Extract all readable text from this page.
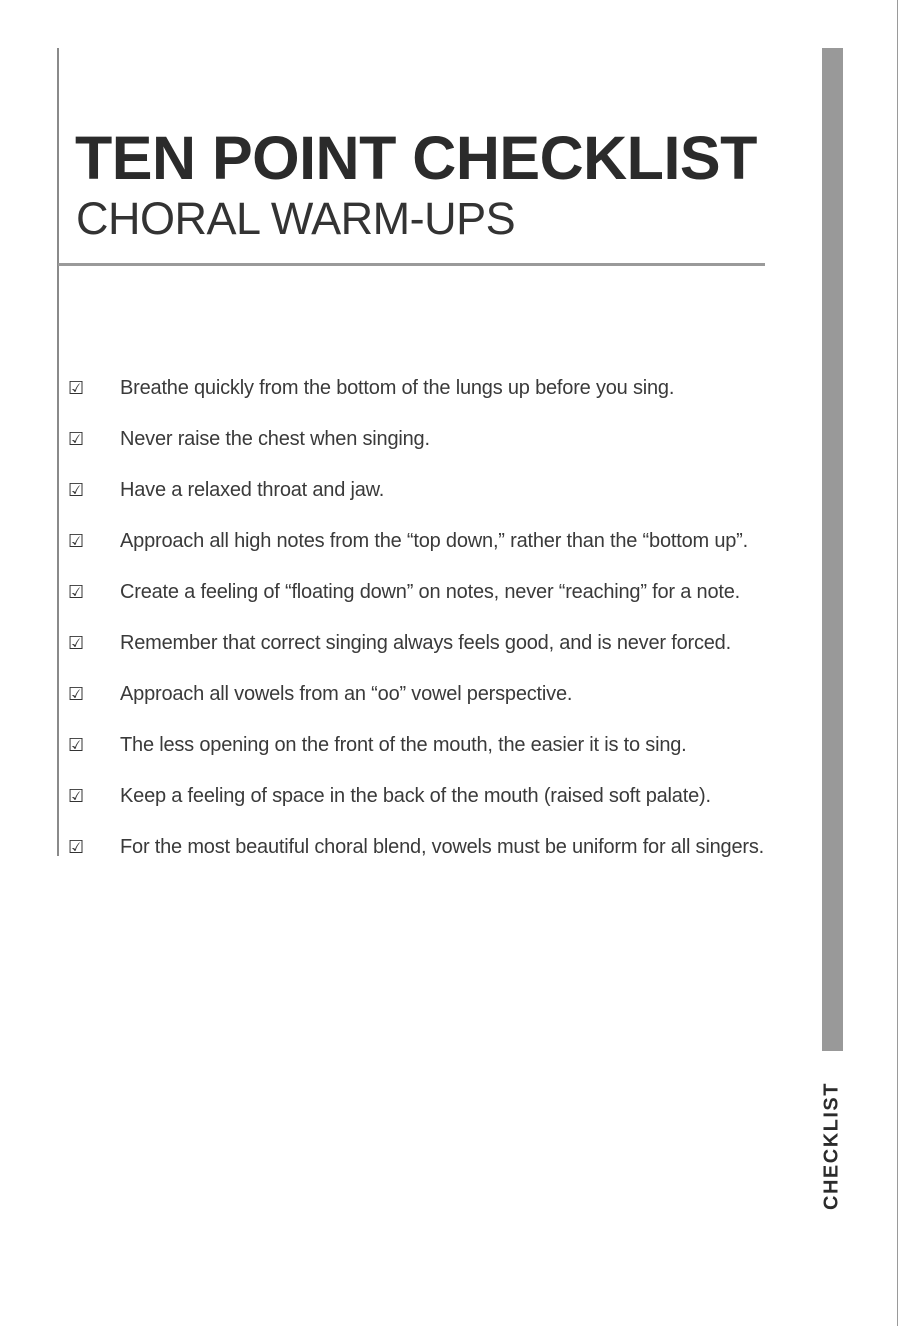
TEN POINT CHECKLIST
CHORAL WARM-UPS
☑ Breathe quickly from the bottom of the lungs up before you sing.
☑ Never raise the chest when singing.
☑ Have a relaxed throat and jaw.
☑ Approach all high notes from the “top down,” rather than the “bottom up”.
☑ Create a feeling of “floating down” on notes, never “reaching” for a note.
☑ Remember that correct singing always feels good, and is never forced.
☑ Approach all vowels from an “oo” vowel perspective.
☑ The less opening on the front of the mouth, the easier it is to sing.
☑ Keep a feeling of space in the back of the mouth (raised soft palate).
☑ For the most beautiful choral blend, vowels must be uniform for all singers.
CHECKLIST
